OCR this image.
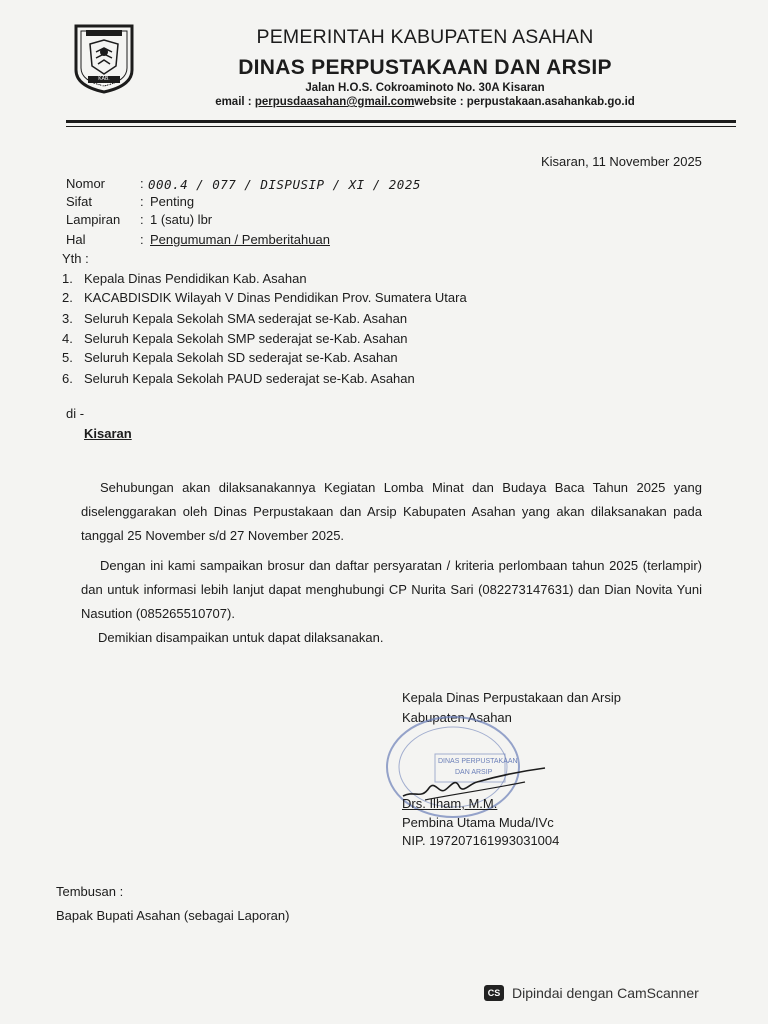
KAB. ASAHAN
PEMERINTAH KABUPATEN ASAHAN
DINAS PERPUSTAKAAN DAN ARSIP
Jalan H.O.S. Cokroaminoto No. 30A Kisaran
email : perpusdaasahan@gmail.comwebsite : perpustakaan.asahankab.go.id
Kisaran, 11 November 2025
Nomor	: 000.4 / 077 / DISPUSIP / XI / 2025
Sifat	: Penting
Lampiran : 1 (satu) lbr
Hal	: Pengumuman / Pemberitahuan
Yth :
1. Kepala Dinas Pendidikan Kab. Asahan
2. KACABDISDIK Wilayah V Dinas Pendidikan Prov. Sumatera Utara
3. Seluruh Kepala Sekolah SMA sederajat se-Kab. Asahan
4. Seluruh Kepala Sekolah SMP sederajat se-Kab. Asahan
5. Seluruh Kepala Sekolah SD sederajat se-Kab. Asahan
6. Seluruh Kepala Sekolah PAUD sederajat se-Kab. Asahan
di -
Kisaran
Sehubungan akan dilaksanakannya Kegiatan Lomba Minat dan Budaya Baca Tahun 2025 yang diselenggarakan oleh Dinas Perpustakaan dan Arsip Kabupaten Asahan yang akan dilaksanakan pada tanggal 25 November s/d 27 November 2025.
Dengan ini kami sampaikan brosur dan daftar persyaratan / kriteria perlombaan tahun 2025 (terlampir) dan untuk informasi lebih lanjut dapat menghubungi CP Nurita Sari (082273147631) dan Dian Novita Yuni Nasution (085265510707).
Demikian disampaikan untuk dapat dilaksanakan.
Kepala Dinas Perpustakaan dan Arsip
Kabupaten Asahan
DINAS PERPUSTAKAAN
DAN ARSIP
Drs. Ilham, M.M.
Pembina Utama Muda/IVc
NIP. 197207161993031004
Tembusan :
Bapak Bupati Asahan (sebagai Laporan)
CS Dipindai dengan CamScanner
